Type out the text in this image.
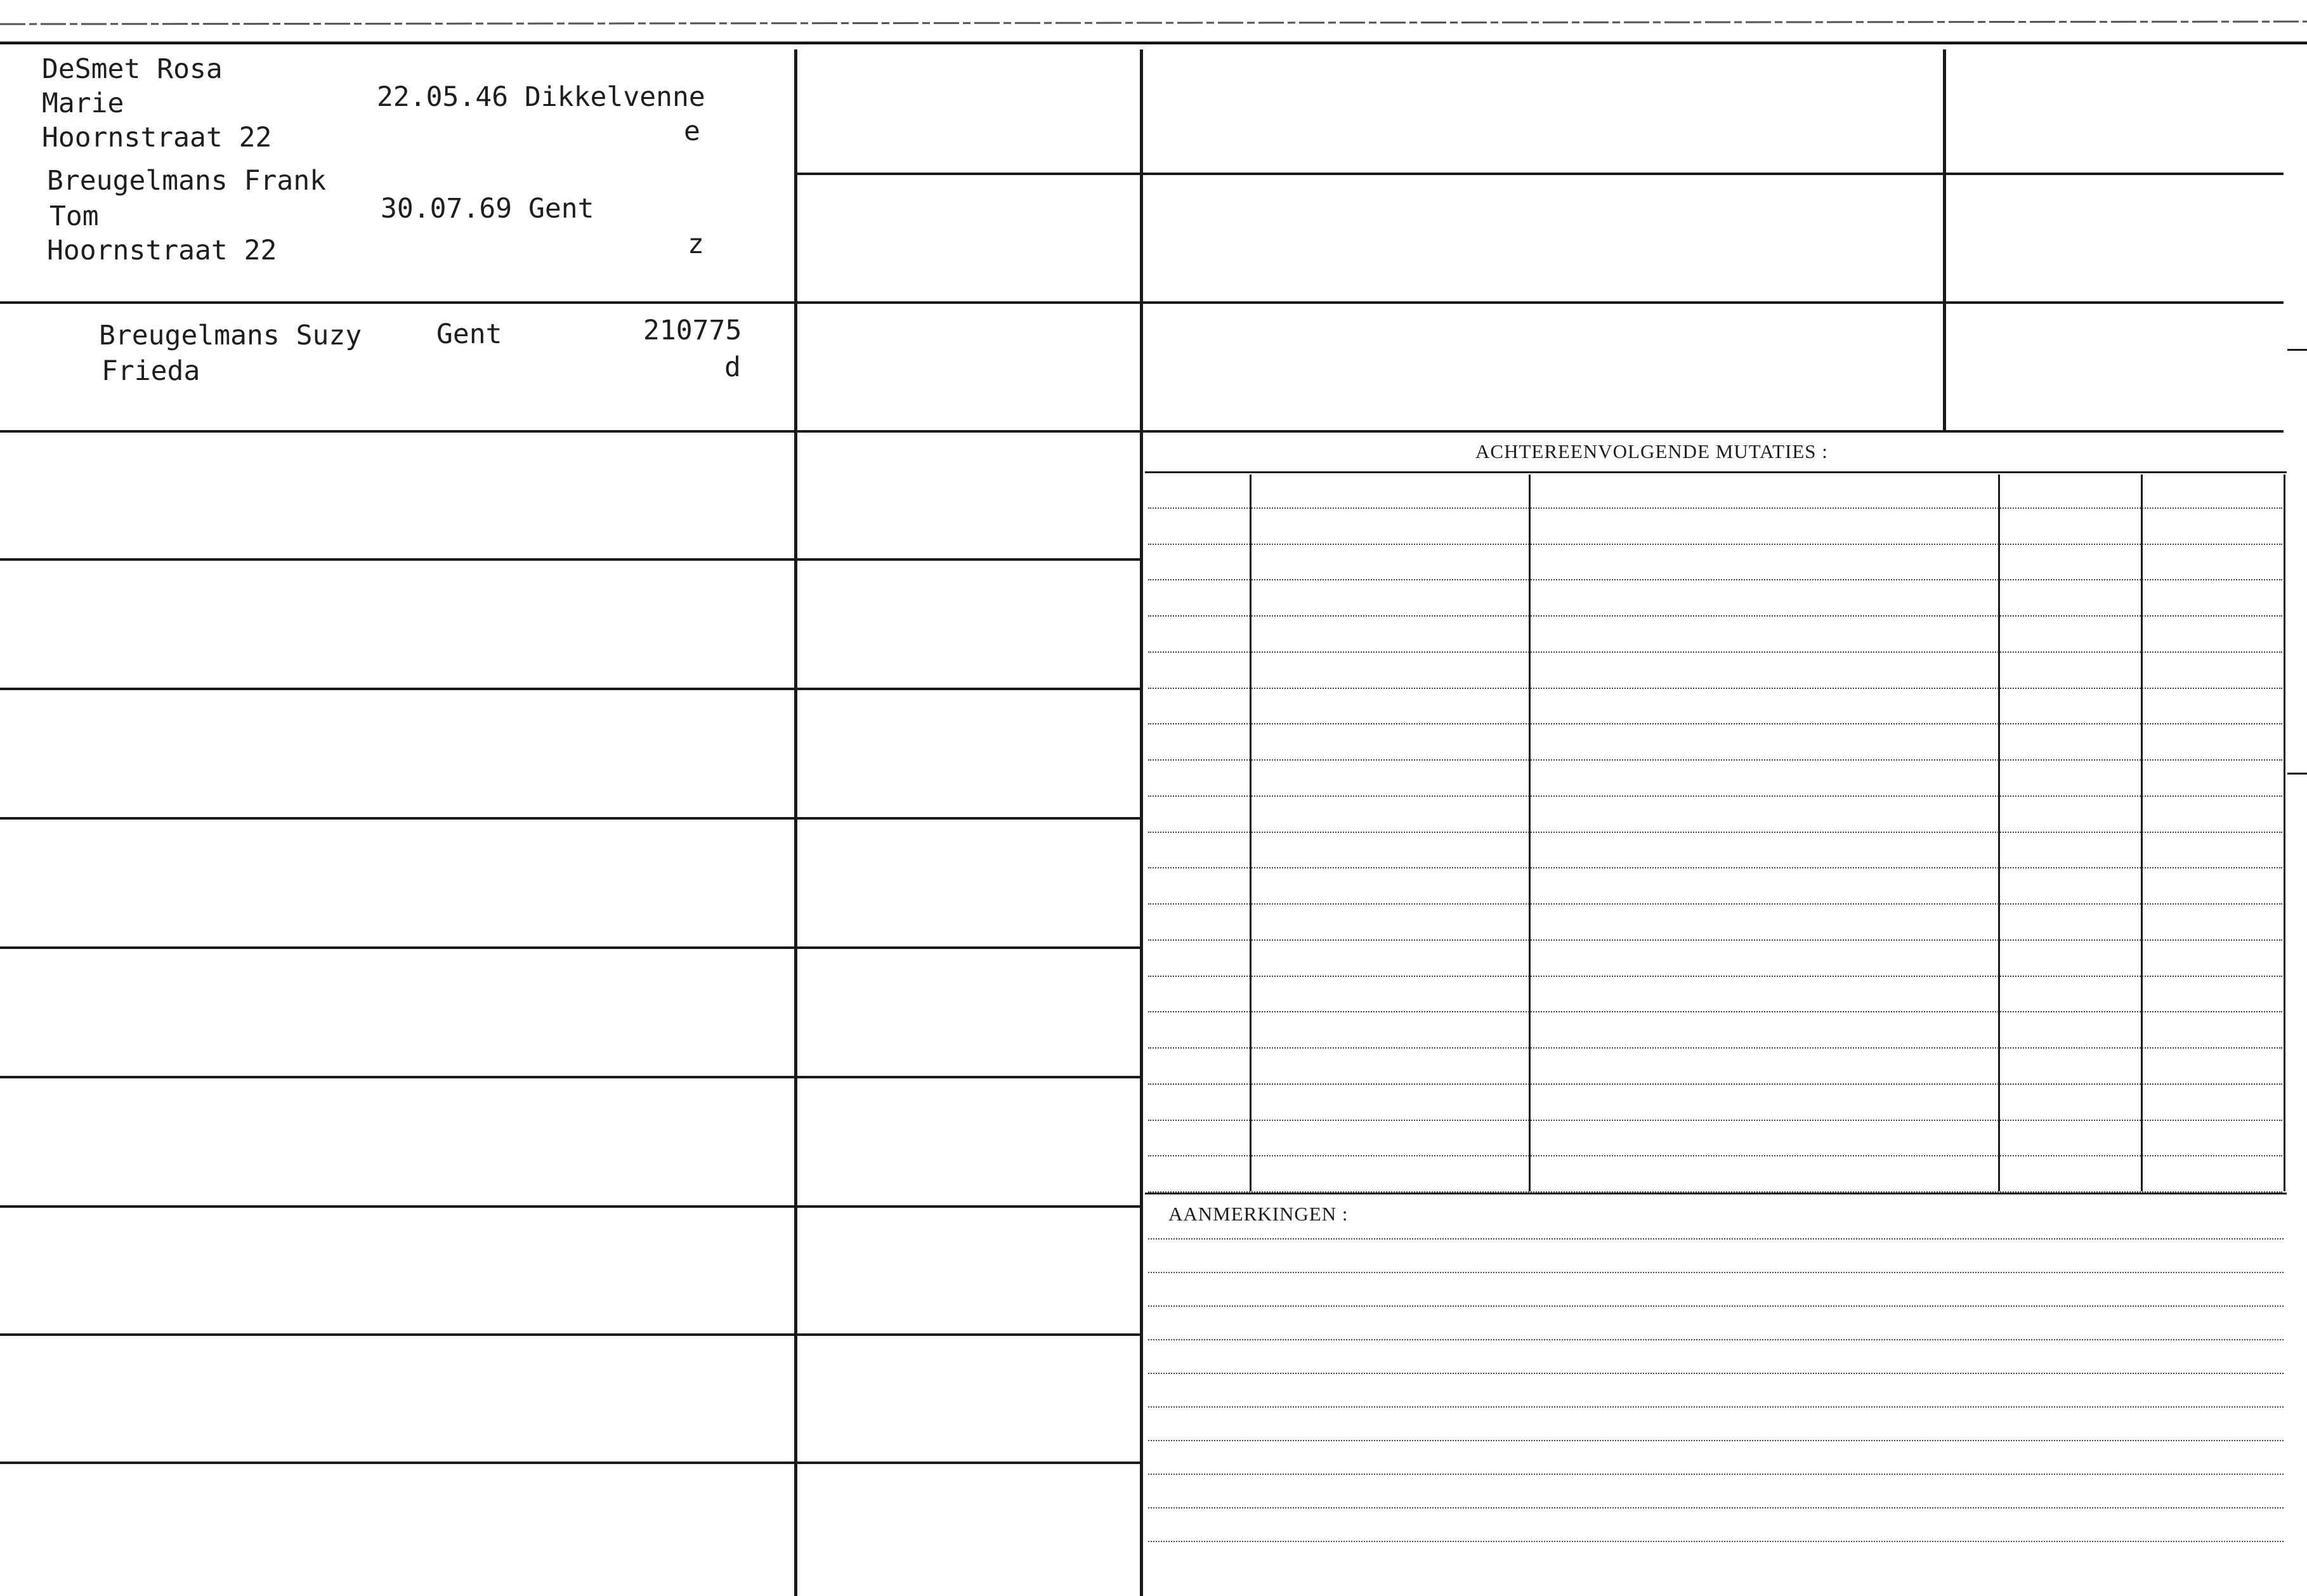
DeSmet Rosa
Marie
Hoornstraat 22
22.05.46 Dikkelvenne
e
Breugelmans Frank
Tom
Hoornstraat 22
30.07.69 Gent
z
Breugelmans Suzy
Frieda
Gent	210775
d
ACHTEREENVOLGENDE MUTATIES :
AANMERKINGEN :
